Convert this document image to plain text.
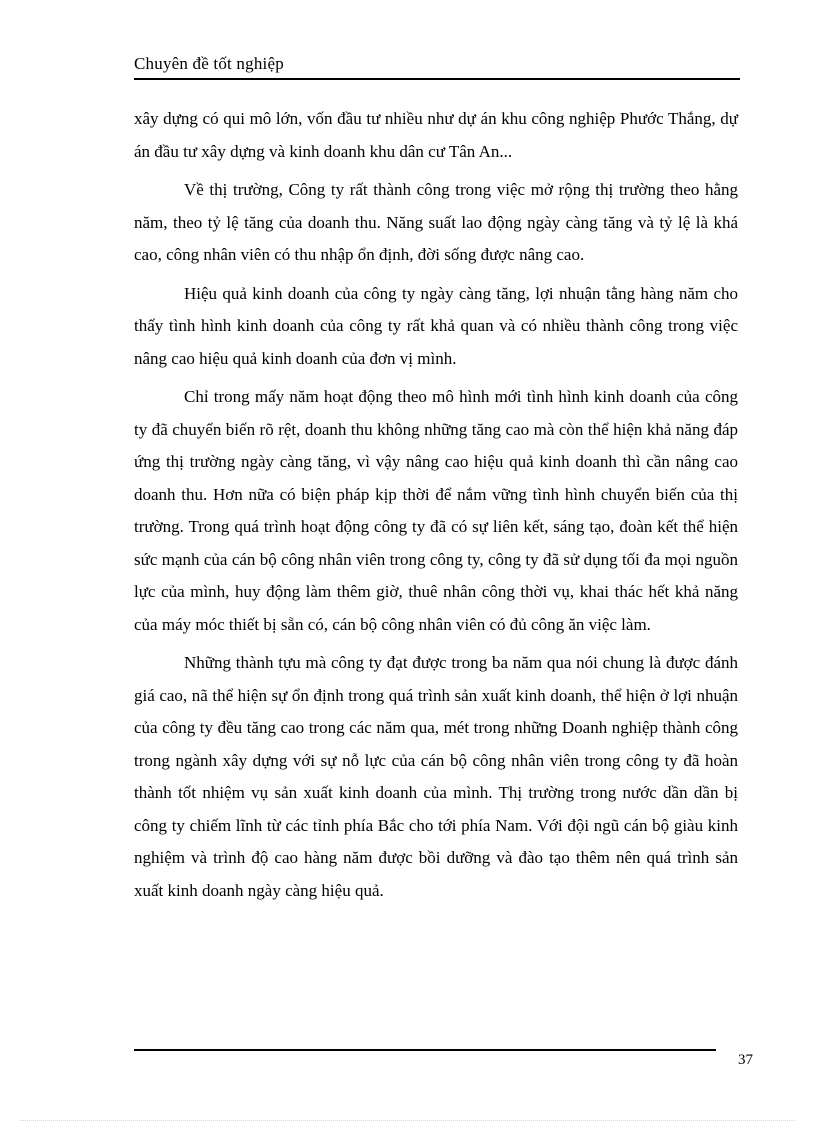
Chuyên đề tốt nghiệp

xây dựng có qui mô lớn, vốn đầu tư nhiều như dự án khu công nghiệp Phước Thắng, dự án đầu tư xây dựng và kinh doanh khu dân cư Tân An...

Về thị trường, Công ty rất thành công trong việc mở rộng thị trường theo hằng năm, theo tỷ lệ tăng của doanh thu. Năng suất lao động ngày càng tăng và tỷ lệ là khá cao, công nhân viên có thu nhập ổn định, đời sống được nâng cao.

Hiệu quả kinh doanh của công ty ngày càng tăng, lợi nhuận tằng hàng năm cho thấy tình hình kinh doanh của công ty rất khả quan và có nhiều thành công trong việc nâng cao hiệu quả kinh doanh của đơn vị mình.

Chỉ trong mấy năm hoạt động theo mô hình mới tình hình kinh doanh của công ty đã chuyển biến rõ rệt, doanh thu không những tăng cao mà còn thể hiện khả năng đáp ứng thị trường ngày càng tăng, vì vậy nâng cao hiệu quả kinh doanh thì cần nâng cao doanh thu. Hơn nữa có biện pháp kịp thời để nắm vững tình hình chuyển biến của thị trường. Trong quá trình hoạt động công ty đã có sự liên kết, sáng tạo, đoàn kết thể hiện sức mạnh của cán bộ công nhân viên trong công ty, công ty đã sử dụng tối đa mọi nguồn lực của mình, huy động làm thêm giờ, thuê nhân công thời vụ, khai thác hết khả năng của máy móc thiết bị sẵn có, cán bộ công nhân viên có đủ công ăn việc làm.

Những thành tựu mà công ty đạt được trong ba năm qua nói chung là được đánh giá cao, nã thể hiện sự ổn định trong quá trình sản xuất kinh doanh, thể hiện ở lợi nhuận của công ty đều tăng cao trong các năm qua, mét trong những Doanh nghiệp thành công trong ngành xây dựng với sự nỗ lực của cán bộ công nhân viên trong công ty đã hoàn thành tốt nhiệm vụ sản xuất kinh doanh của mình. Thị trường trong nước dần dần bị công ty chiếm lĩnh từ các tỉnh phía Bắc cho tới phía Nam. Với đội ngũ cán bộ giàu kinh nghiệm và trình độ cao hàng năm được bồi dưỡng và đào tạo thêm nên quá trình sản xuất kinh doanh ngày càng hiệu quả.

37
